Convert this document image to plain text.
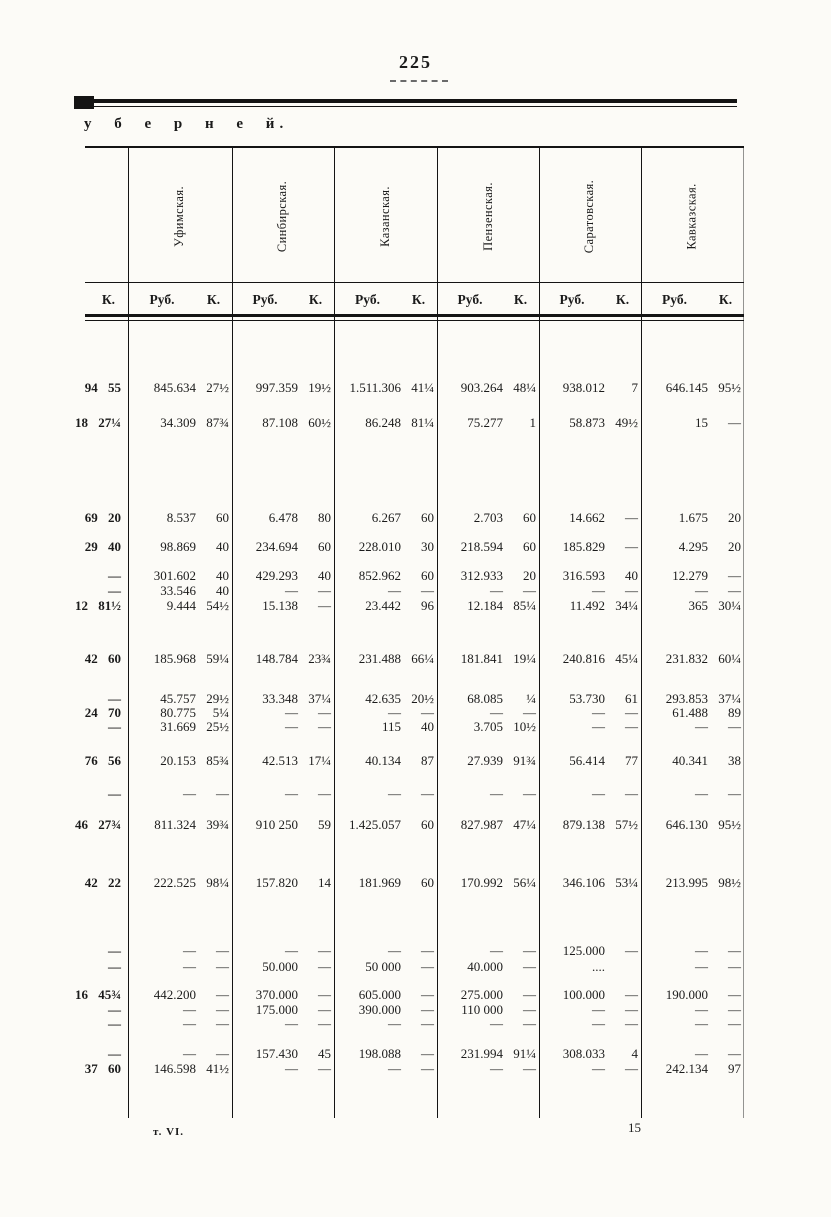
225
у б е р н е й.
Уфимская.	Синбирская.	Казанская.	Пензенская.	Саратовская.	Кавказская.
К.	Руб.	К.	Руб.	К.	Руб.	К.	Руб.	К.	Руб.	К.	Руб.	К.
94 55	845.634 27½	997.359 19½	1.511.306 41¼	903.264 48¼	938.012	7	646.145 95½
18 27¼	34.309 87¾	87.108 60½	86.248 81¼	75.277	1	58.873 49½	15	—
69 20	8.537	60	6.478	80	6.267	60	2.703	60	14.662	—	1.675	20
29 40	98.869	40	234.694	60	228.010	30	218.594	60	185.829	—	4.295	20
—	301.602	40	429.293	40	852.962	60	312.933	20	316.593	40	12.279	—
—	33.546	40	—	—	—	—	—	—	—	—	—	—
12 81½	9.444 54½	15.138	—	23.442	96	12.184 85¼	11.492 34¼	365 30¼
42 60	185.968 59¼	148.784 23¾	231.488 66¼	181.841 19¼	240.816 45¼	231.832 60¼
—	45.757 29½	33.348 37¼	42.635 20½	68.085	¼	53.730	61	293.853 37¼
24 70	80.775	5¼	—	—	—	—	—	—	—	—	61.488	89
—	31.669 25½	—	—	115	40	3.705 10½	—	—	—	—
76 56	20.153 85¾	42.513 17¼	40.134	87	27.939 91¾	56.414	77	40.341	38
—	—	—	—	—	—	—	—	—	—	—	—	—
46 27¾	811.324 39¾	910 250	59	1.425.057	60	827.987 47¼	879.138 57½	646.130 95½
42 22	222.525 98¼	157.820	14	181.969	60	170.992 56¼	346.106 53¼	213.995 98½
—	—	—	—	—	—	—	—	—	125.000	—	—	—
—	—	—	50.000	—	50 000	—	40.000	—	....	—	—
16 45¾	442.200	—	370.000	—	605.000	—	275.000	—	100.000	—	190.000	—
—	—	—	175.000	—	390.000	—	110 000	—	—	—	—	—
—	—	—	—	—	—	—	—	—	—	—	—	—
—	—	—	157.430	45	198.088	—	231.994 91¼	308.033	4	—	—
37 60	146.598 41½	—	—	—	—	—	—	—	—	242.134	97
т. VI.	15
